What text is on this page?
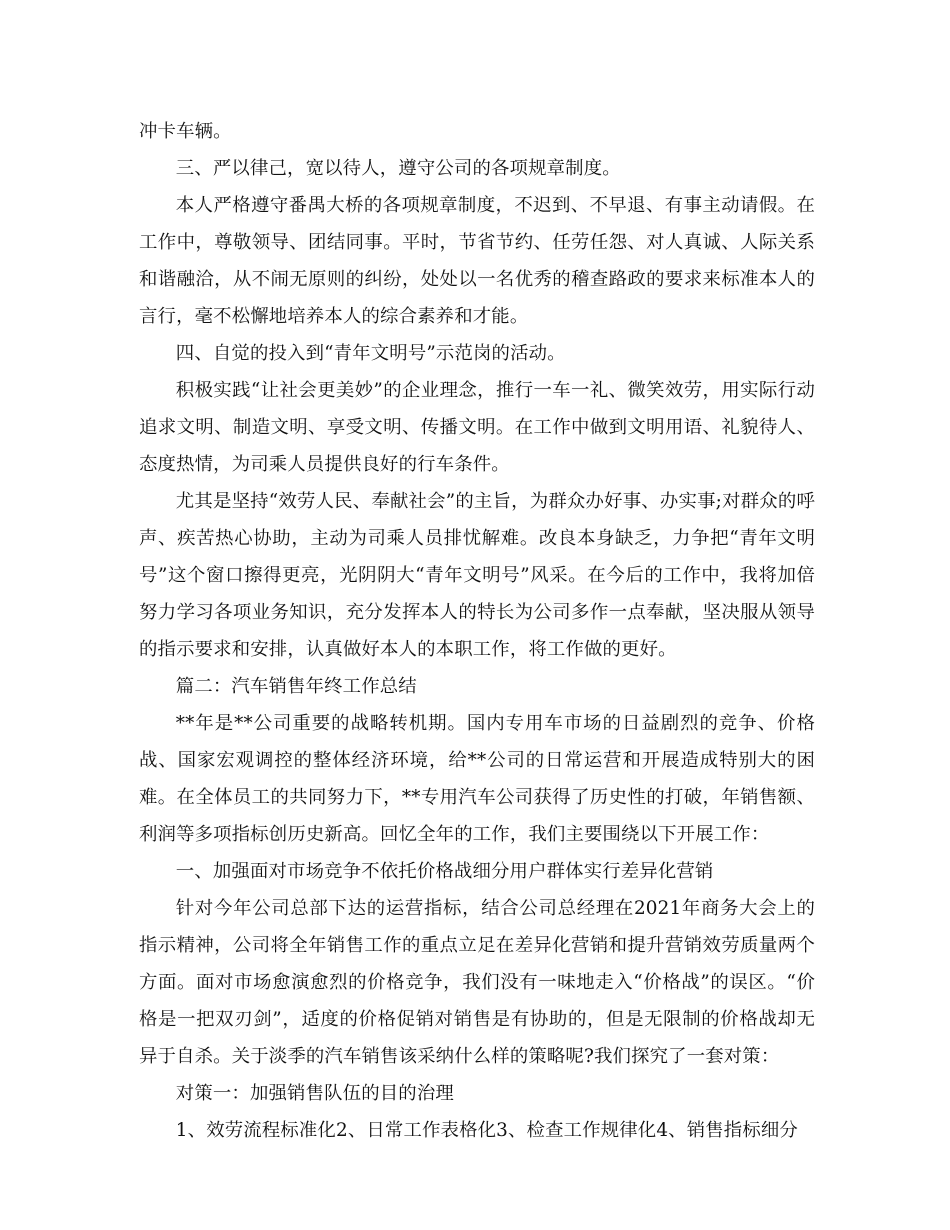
冲卡车辆。

三、严以律己，宽以待人，遵守公司的各项规章制度。

本人严格遵守番禺大桥的各项规章制度，不迟到、不早退、有事主动请假。在工作中，尊敬领导、团结同事。平时，节省节约、任劳任怨、对人真诚、人际关系和谐融洽，从不闹无原则的纠纷，处处以一名优秀的稽查路政的要求来标准本人的言行，毫不松懈地培养本人的综合素养和才能。

四、自觉的投入到“青年文明号”示范岗的活动。

积极实践“让社会更美妙”的企业理念，推行一车一礼、微笑效劳，用实际行动追求文明、制造文明、享受文明、传播文明。在工作中做到文明用语、礼貌待人、态度热情，为司乘人员提供良好的行车条件。

尤其是坚持“效劳人民、奉献社会”的主旨，为群众办好事、办实事;对群众的呼声、疾苦热心协助，主动为司乘人员排忧解难。改良本身缺乏，力争把“青年文明号”这个窗口擦得更亮，光阴阴大“青年文明号”风采。在今后的工作中，我将加倍努力学习各项业务知识，充分发挥本人的特长为公司多作一点奉献，坚决服从领导的指示要求和安排，认真做好本人的本职工作，将工作做的更好。

篇二：汽车销售年终工作总结

**年是**公司重要的战略转机期。国内专用车市场的日益剧烈的竞争、价格战、国家宏观调控的整体经济环境，给**公司的日常运营和开展造成特别大的困难。在全体员工的共同努力下，**专用汽车公司获得了历史性的打破，年销售额、利润等多项指标创历史新高。回忆全年的工作，我们主要围绕以下开展工作：

一、加强面对市场竞争不依托价格战细分用户群体实行差异化营销

针对今年公司总部下达的运营指标，结合公司总经理在2021年商务大会上的指示精神，公司将全年销售工作的重点立足在差异化营销和提升营销效劳质量两个方面。面对市场愈演愈烈的价格竞争，我们没有一味地走入“价格战”的误区。“价格是一把双刃剑”，适度的价格促销对销售是有协助的，但是无限制的价格战却无异于自杀。关于淡季的汽车销售该采纳什么样的策略呢?我们探究了一套对策：

对策一：加强销售队伍的目的治理

1、效劳流程标准化2、日常工作表格化3、检查工作规律化4、销售指标细分
